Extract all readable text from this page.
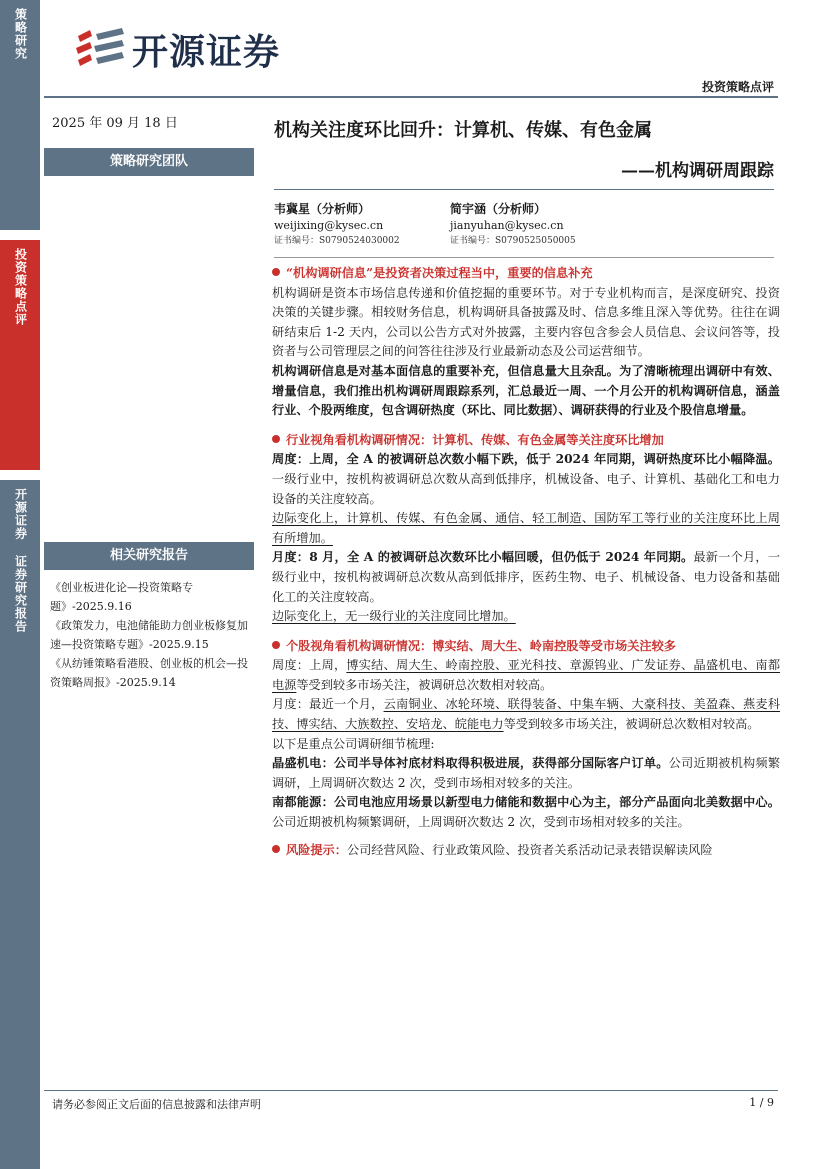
策略研究
投资策略点评
开源证券 证券研究报告
开源证券
投资策略点评
2025 年 09 月 18 日
策略研究团队
机构关注度环比回升：计算机、传媒、有色金属
——机构调研周跟踪
韦冀星（分析师）
weijixing@kysec.cn
证书编号：S0790524030002
简宇涵（分析师）
jianyuhan@kysec.cn
证书编号：S0790525050005

“机构调研信息”是投资者决策过程当中，重要的信息补充

机构调研是资本市场信息传递和价值挖掘的重要环节。对于专业机构而言，是深度研究、投资决策的关键步骤。相较财务信息，机构调研具备披露及时、信息多维且深入等优势。往往在调研结束后 1-2 天内，公司以公告方式对外披露，主要内容包含参会人员信息、会议问答等，投资者与公司管理层之间的问答往往涉及行业最新动态及公司运营细节。

机构调研信息是对基本面信息的重要补充，但信息量大且杂乱。为了清晰梳理出调研中有效、增量信息，我们推出机构调研周跟踪系列，汇总最近一周、一个月公开的机构调研信息，涵盖行业、个股两维度，包含调研热度（环比、同比数据）、调研获得的行业及个股信息增量。

行业视角看机构调研情况：计算机、传媒、有色金属等关注度环比增加

周度：上周，全 A 的被调研总次数小幅下跌，低于 2024 年同期，调研热度环比小幅降温。一级行业中，按机构被调研总次数从高到低排序，机械设备、电子、计算机、基础化工和电力设备的关注度较高。

边际变化上，计算机、传媒、有色金属、通信、轻工制造、国防军工等行业的关注度环比上周有所增加。

月度：8 月，全 A 的被调研总次数环比小幅回暖，但仍低于 2024 年同期。最新一个月，一级行业中，按机构被调研总次数从高到低排序，医药生物、电子、机械设备、电力设备和基础化工的关注度较高。

边际变化上，无一级行业的关注度同比增加。

个股视角看机构调研情况：博实结、周大生、岭南控股等受市场关注较多

周度：上周，博实结、周大生、岭南控股、亚光科技、章源钨业、广发证券、晶盛机电、南都电源等受到较多市场关注，被调研总次数相对较高。

月度：最近一个月，云南铜业、冰轮环境、联得装备、中集车辆、大豪科技、美盈森、燕麦科技、博实结、大族数控、安培龙、皖能电力等受到较多市场关注，被调研总次数相对较高。

以下是重点公司调研细节梳理:

晶盛机电：公司半导体衬底材料取得积极进展，获得部分国际客户订单。公司近期被机构频繁调研，上周调研次数达 2 次，受到市场相对较多的关注。

南都能源：公司电池应用场景以新型电力储能和数据中心为主，部分产品面向北美数据中心。公司近期被机构频繁调研，上周调研次数达 2 次，受到市场相对较多的关注。

风险提示：公司经营风险、行业政策风险、投资者关系活动记录表错误解读风险

相关研究报告

《创业板进化论—投资策略专题》-2025.9.16

《政策发力，电池储能助力创业板修复加速—投资策略专题》-2025.9.15

《从纺锤策略看港股、创业板的机会—投资策略周报》-2025.9.14

请务必参阅正文后面的信息披露和法律声明	1 / 9
